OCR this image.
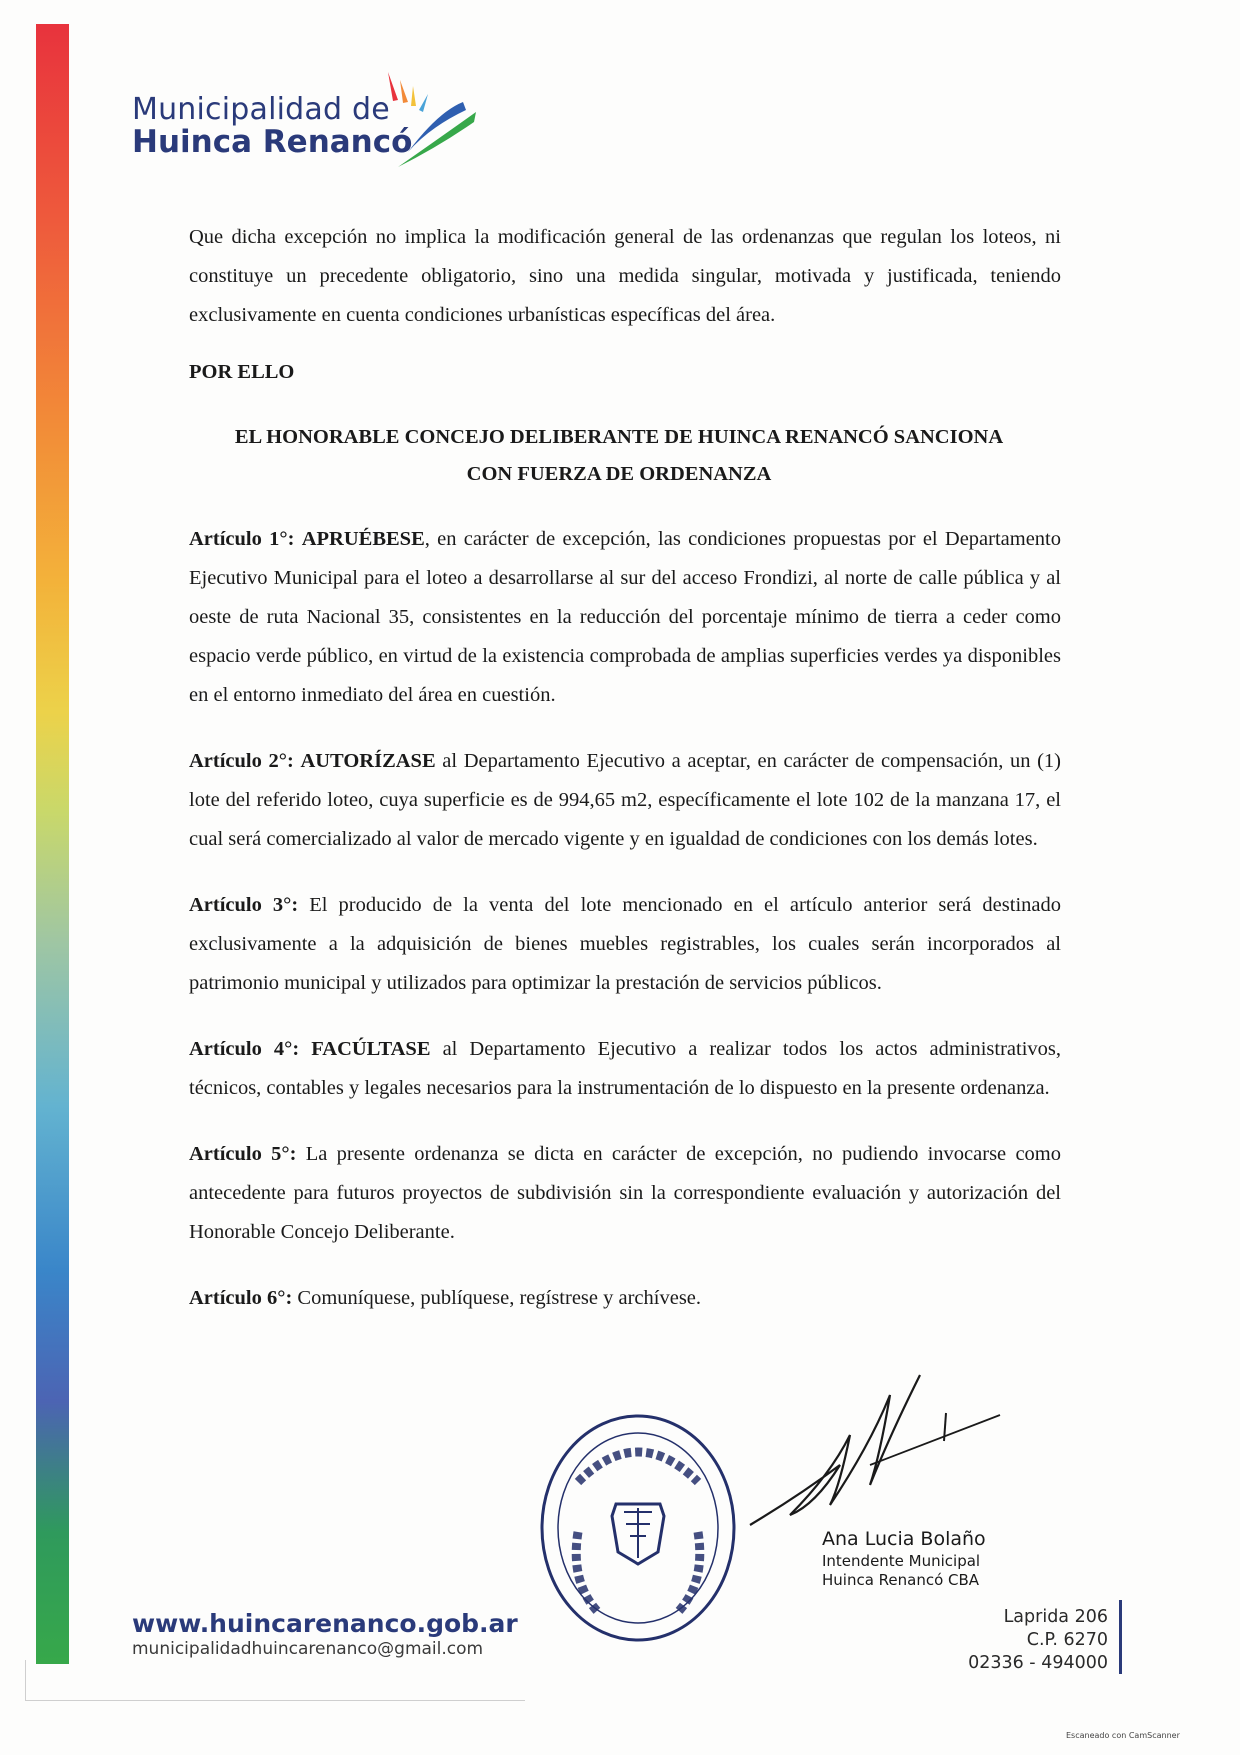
Municipalidad de
Huinca Renancó

Que dicha excepción no implica la modificación general de las ordenanzas que regulan los loteos, ni constituye un precedente obligatorio, sino una medida singular, motivada y justificada, teniendo exclusivamente en cuenta condiciones urbanísticas específicas del área.

POR ELLO

EL HONORABLE CONCEJO DELIBERANTE DE HUINCA RENANCÓ SANCIONA
CON FUERZA DE ORDENANZA

Artículo 1°: APRUÉBESE, en carácter de excepción, las condiciones propuestas por el Departamento Ejecutivo Municipal para el loteo a desarrollarse al sur del acceso Frondizi, al norte de calle pública y al oeste de ruta Nacional 35, consistentes en la reducción del porcentaje mínimo de tierra a ceder como espacio verde público, en virtud de la existencia comprobada de amplias superficies verdes ya disponibles en el entorno inmediato del área en cuestión.

Artículo 2°: AUTORÍZASE al Departamento Ejecutivo a aceptar, en carácter de compensación, un (1) lote del referido loteo, cuya superficie es de 994,65 m2, específicamente el lote 102 de la manzana 17, el cual será comercializado al valor de mercado vigente y en igualdad de condiciones con los demás lotes.

Artículo 3°: El producido de la venta del lote mencionado en el artículo anterior será destinado exclusivamente a la adquisición de bienes muebles registrables, los cuales serán incorporados al patrimonio municipal y utilizados para optimizar la prestación de servicios públicos.

Artículo 4°: FACÚLTASE al Departamento Ejecutivo a realizar todos los actos administrativos, técnicos, contables y legales necesarios para la instrumentación de lo dispuesto en la presente ordenanza.

Artículo 5°: La presente ordenanza se dicta en carácter de excepción, no pudiendo invocarse como antecedente para futuros proyectos de subdivisión sin la correspondiente evaluación y autorización del Honorable Concejo Deliberante.

Artículo 6°: Comuníquese, publíquese, regístrese y archívese.

Ana Lucia Bolaño
Intendente Municipal
Huinca Renancó CBA
www.huincarenanco.gob.ar
municipalidadhuincarenanco@gmail.com
Laprida 206
C.P. 6270
02336 - 494000
Escaneado con CamScanner
